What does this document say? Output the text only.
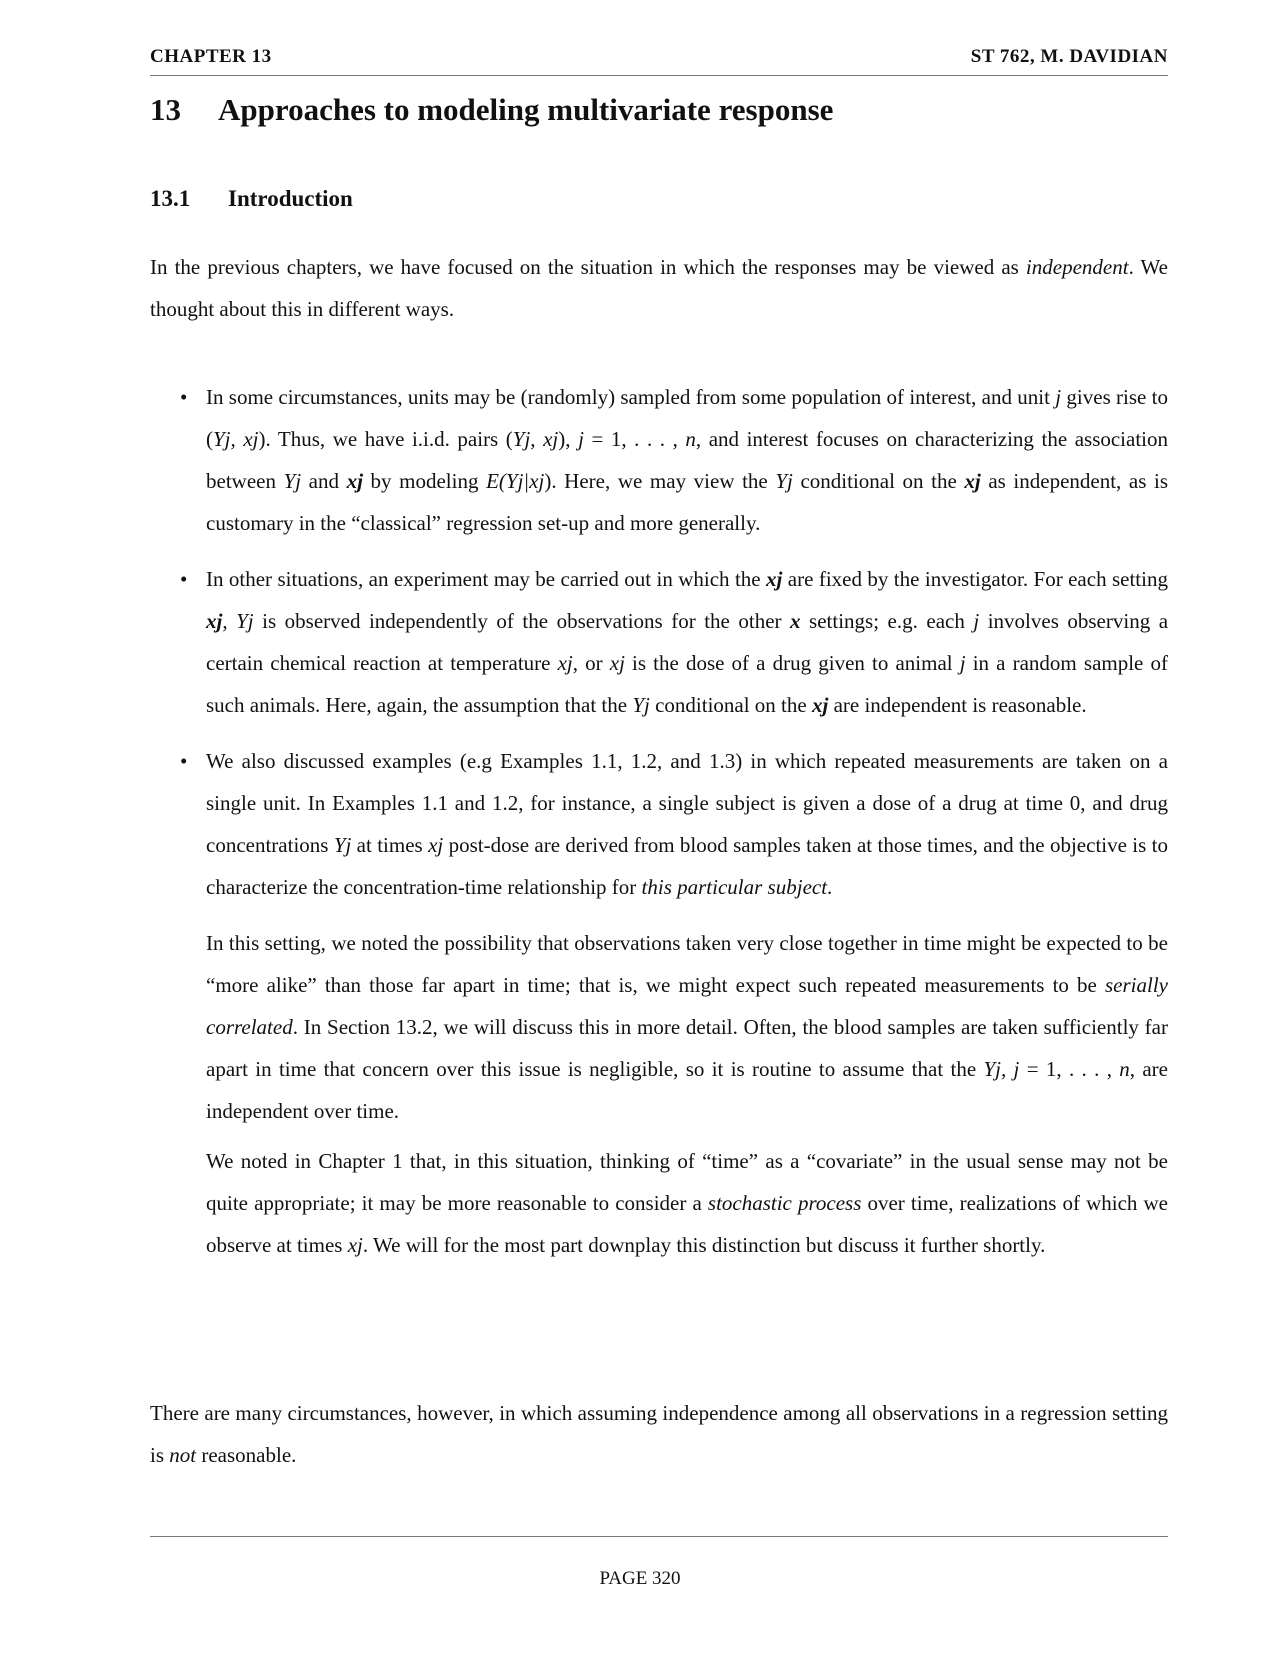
CHAPTER 13	ST 762, M. DAVIDIAN
13 Approaches to modeling multivariate response
13.1 Introduction
In the previous chapters, we have focused on the situation in which the responses may be viewed as independent. We thought about this in different ways.
• In some circumstances, units may be (randomly) sampled from some population of interest, and unit j gives rise to (Yj, xj). Thus, we have i.i.d. pairs (Yj, xj), j = 1, . . . , n, and interest focuses on characterizing the association between Yj and xj by modeling E(Yj|xj). Here, we may view the Yj conditional on the xj as independent, as is customary in the “classical” regression set-up and more generally.
• In other situations, an experiment may be carried out in which the xj are fixed by the investigator. For each setting xj, Yj is observed independently of the observations for the other x settings; e.g. each j involves observing a certain chemical reaction at temperature xj, or xj is the dose of a drug given to animal j in a random sample of such animals. Here, again, the assumption that the Yj conditional on the xj are independent is reasonable.
• We also discussed examples (e.g Examples 1.1, 1.2, and 1.3) in which repeated measurements are taken on a single unit. In Examples 1.1 and 1.2, for instance, a single subject is given a dose of a drug at time 0, and drug concentrations Yj at times xj post-dose are derived from blood samples taken at those times, and the objective is to characterize the concentration-time relationship for this particular subject.
In this setting, we noted the possibility that observations taken very close together in time might be expected to be “more alike” than those far apart in time; that is, we might expect such repeated measurements to be serially correlated. In Section 13.2, we will discuss this in more detail. Often, the blood samples are taken sufficiently far apart in time that concern over this issue is negligible, so it is routine to assume that the Yj, j = 1, . . . , n, are independent over time.
We noted in Chapter 1 that, in this situation, thinking of “time” as a “covariate” in the usual sense may not be quite appropriate; it may be more reasonable to consider a stochastic process over time, realizations of which we observe at times xj. We will for the most part downplay this distinction but discuss it further shortly.
There are many circumstances, however, in which assuming independence among all observations in a regression setting is not reasonable.
PAGE 320
